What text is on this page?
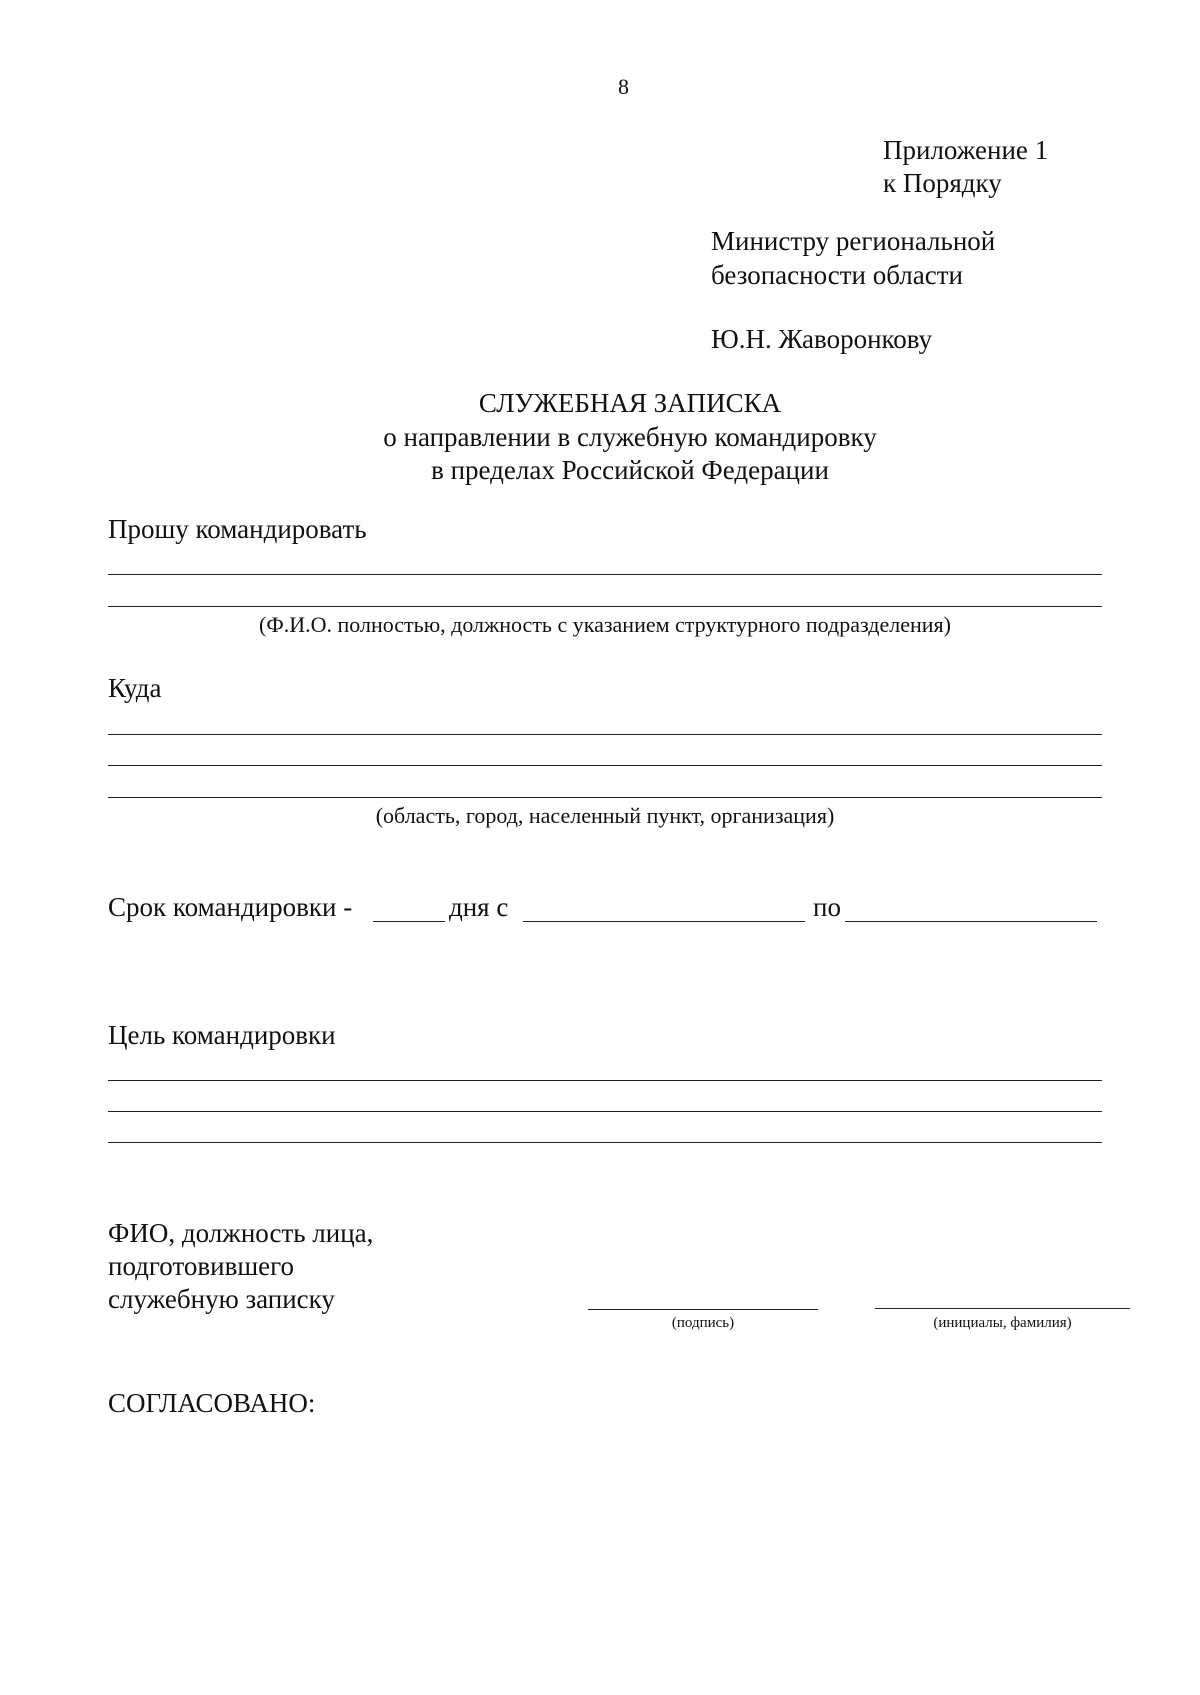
8
Приложение 1
к Порядку
Министру региональной
безопасности области
Ю.Н. Жаворонкову
СЛУЖЕБНАЯ ЗАПИСКА
о направлении в служебную командировку
в пределах Российской Федерации
Прошу командировать
(Ф.И.О. полностью, должность с указанием структурного подразделения)
Куда
(область, город, населенный пункт, организация)
Срок командировки -	дня с	по
Цель командировки
ФИО, должность лица,
подготовившего
служебную записку
(подпись)	(инициалы, фамилия)
СОГЛАСОВАНО:
